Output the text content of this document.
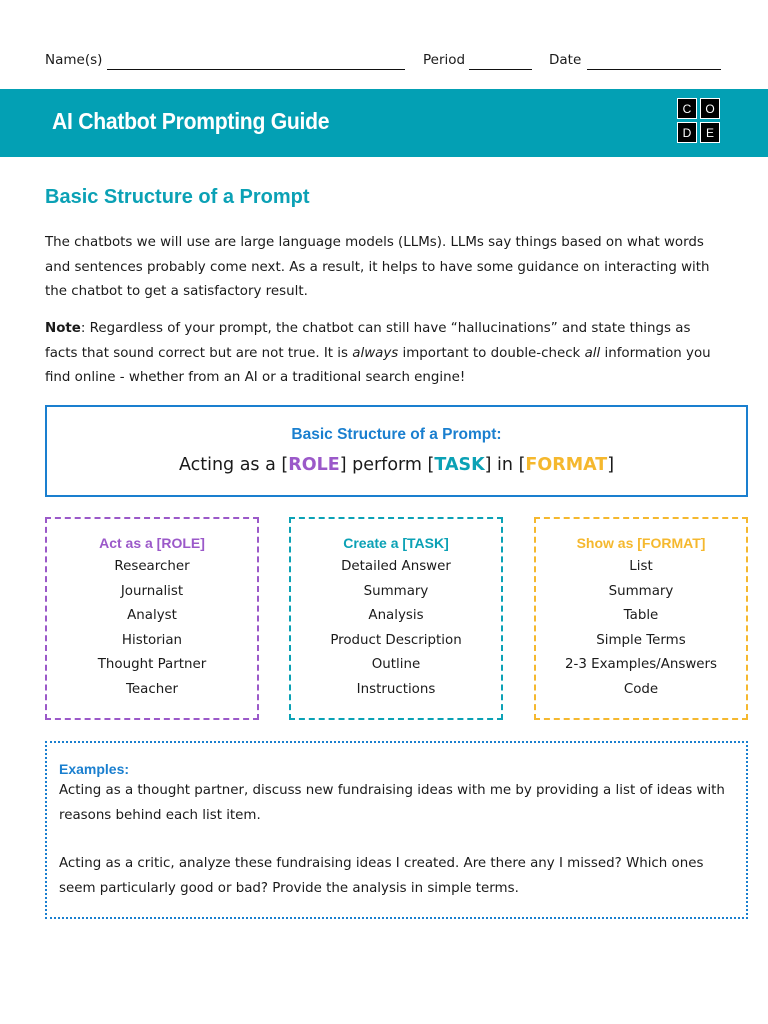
Name(s)	Period	Date
AI Chatbot Prompting Guide	C	O
D	E
Basic Structure of a Prompt
The chatbots we will use are large language models (LLMs). LLMs say things based on what words and sentences probably come next. As a result, it helps to have some guidance on interacting with the chatbot to get a satisfactory result.
Note: Regardless of your prompt, the chatbot can still have “hallucinations” and state things as facts that sound correct but are not true. It is always important to double-check all information you find online - whether from an AI or a traditional search engine!
Basic Structure of a Prompt:
Acting as a [ROLE] perform [TASK] in [FORMAT]
Act as a [ROLE]
Researcher
Journalist
Analyst
Historian
Thought Partner
Teacher
Create a [TASK]
Detailed Answer
Summary
Analysis
Product Description
Outline
Instructions
Show as [FORMAT]
List
Summary
Table
Simple Terms
2-3 Examples/Answers
Code
Examples:

Acting as a thought partner, discuss new fundraising ideas with me by providing a list of ideas with reasons behind each list item.

Acting as a critic, analyze these fundraising ideas I created. Are there any I missed? Which ones seem particularly good or bad? Provide the analysis in simple terms.
